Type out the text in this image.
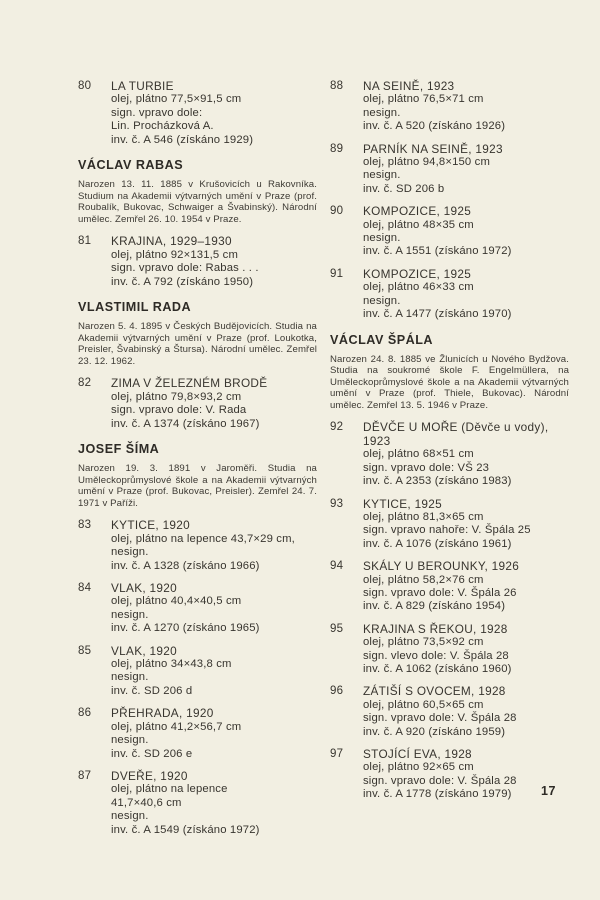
80	LA TURBIE
olej, plátno 77,5×91,5 cm
sign. vpravo dole:
Lin. Procházková A.
inv. č. A 546 (získáno 1929)
VÁCLAV RABAS

Narozen 13. 11. 1885 v Krušovicích u Rakovníka. Studium na Akademii výtvarných umění v Praze (prof. Roubalík, Bukovac, Schwaiger a Švabinský). Národní umělec. Zemřel 26. 10. 1954 v Praze.

81	KRAJINA, 1929–1930
olej, plátno 92×131,5 cm
sign. vpravo dole: Rabas . . .
inv. č. A 792 (získáno 1950)
VLASTIMIL RADA

Narozen 5. 4. 1895 v Českých Budějovicích. Studia na Akademii výtvarných umění v Praze (prof. Loukotka, Preisler, Švabinský a Štursa). Národní umělec. Zemřel 23. 12. 1962.

82	ZIMA V ŽELEZNÉM BRODĚ
olej, plátno 79,8×93,2 cm
sign. vpravo dole: V. Rada
inv. č. A 1374 (získáno 1967)
JOSEF ŠÍMA

Narozen 19. 3. 1891 v Jaroměři. Studia na Uměleckoprůmyslové škole a na Akademii výtvarných umění v Praze (prof. Bukovac, Preisler). Zemřel 24. 7. 1971 v Paříži.

83	KYTICE, 1920
olej, plátno na lepence 43,7×29 cm,
nesign.
inv. č. A 1328 (získáno 1966)
84	VLAK, 1920
olej, plátno 40,4×40,5 cm
nesign.
inv. č. A 1270 (získáno 1965)
85	VLAK, 1920
olej, plátno 34×43,8 cm
nesign.
inv. č. SD 206 d
86	PŘEHRADA, 1920
olej, plátno 41,2×56,7 cm
nesign.
inv. č. SD 206 e
87	DVEŘE, 1920
olej, plátno na lepence
41,7×40,6 cm
nesign.
inv. č. A 1549 (získáno 1972)
88	NA SEINĚ, 1923
olej, plátno 76,5×71 cm
nesign.
inv. č. A 520 (získáno 1926)
89	PARNÍK NA SEINĚ, 1923
olej, plátno 94,8×150 cm
nesign.
inv. č. SD 206 b
90	KOMPOZICE, 1925
olej, plátno 48×35 cm
nesign.
inv. č. A 1551 (získáno 1972)
91	KOMPOZICE, 1925
olej, plátno 46×33 cm
nesign.
inv. č. A 1477 (získáno 1970)
VÁCLAV ŠPÁLA

Narozen 24. 8. 1885 ve Žlunicích u Nového Bydžova. Studia na soukromé škole F. Engelmüllera, na Uměleckoprůmyslové škole a na Akademii výtvarných umění v Praze (prof. Thiele, Bukovac). Národní umělec. Zemřel 13. 5. 1946 v Praze.

92	DĚVČE U MOŘE (Děvče u vody), 1923
olej, plátno 68×51 cm
sign. vpravo dole: VŠ 23
inv. č. A 2353 (získáno 1983)
93	KYTICE, 1925
olej, plátno 81,3×65 cm
sign. vpravo nahoře: V. Špála 25
inv. č. A 1076 (získáno 1961)
94	SKÁLY U BEROUNKY, 1926
olej, plátno 58,2×76 cm
sign. vpravo dole: V. Špála 26
inv. č. A 829 (získáno 1954)
95	KRAJINA S ŘEKOU, 1928
olej, plátno 73,5×92 cm
sign. vlevo dole: V. Špála 28
inv. č. A 1062 (získáno 1960)
96	ZÁTIŠÍ S OVOCEM, 1928
olej, plátno 60,5×65 cm
sign. vpravo dole: V. Špála 28
inv. č. A 920 (získáno 1959)
97	STOJÍCÍ EVA, 1928
olej, plátno 92×65 cm
sign. vpravo dole: V. Špála 28
inv. č. A 1778 (získáno 1979)	17
